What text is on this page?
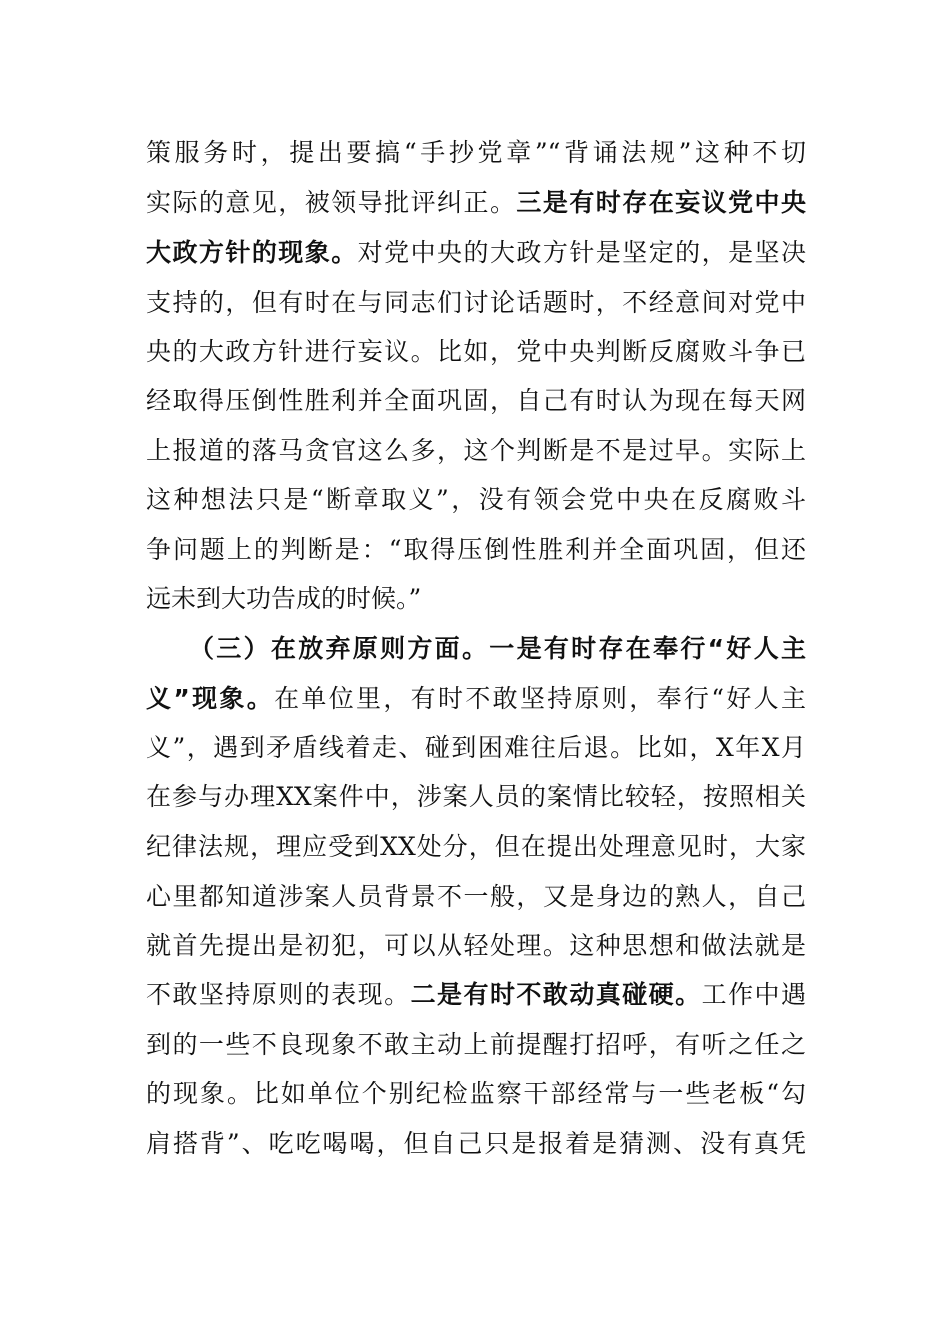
策服务时，提出要搞“手抄党章”“背诵法规”这种不切
实际的意见，被领导批评纠正。三是有时存在妄议党中央
大政方针的现象。对党中央的大政方针是坚定的，是坚决
支持的，但有时在与同志们讨论话题时，不经意间对党中
央的大政方针进行妄议。比如，党中央判断反腐败斗争已
经取得压倒性胜利并全面巩固，自己有时认为现在每天网
上报道的落马贪官这么多，这个判断是不是过早。实际上
这种想法只是“断章取义”，没有领会党中央在反腐败斗
争问题上的判断是：“取得压倒性胜利并全面巩固，但还
远未到大功告成的时候。”
（三）在放弃原则方面。一是有时存在奉行“好人主
义”现象。在单位里，有时不敢坚持原则，奉行“好人主
义”，遇到矛盾线着走、碰到困难往后退。比如，X年X月
在参与办理XX案件中，涉案人员的案情比较轻，按照相关
纪律法规，理应受到XX处分，但在提出处理意见时，大家
心里都知道涉案人员背景不一般，又是身边的熟人，自己
就首先提出是初犯，可以从轻处理。这种思想和做法就是
不敢坚持原则的表现。二是有时不敢动真碰硬。工作中遇
到的一些不良现象不敢主动上前提醒打招呼，有听之任之
的现象。比如单位个别纪检监察干部经常与一些老板“勾
肩搭背”、吃吃喝喝，但自己只是报着是猜测、没有真凭
